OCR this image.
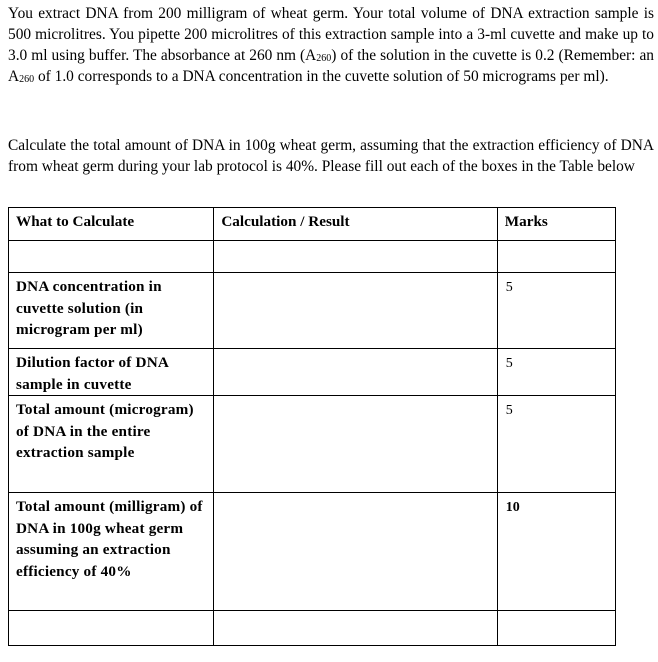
You extract DNA from 200 milligram of wheat germ. Your total volume of DNA extraction sample is 500 microlitres. You pipette 200 microlitres of this extraction sample into a 3-ml cuvette and make up to 3.0 ml using buffer. The absorbance at 260 nm $(A_{260})$ of the solution in the cuvette is 0.2 (Remember: an $A_{260}$ of 1.0 corresponds to a DNA concentration in the cuvette solution of 50 micrograms per ml).

Calculate the total amount of DNA in 100g wheat germ, assuming that the extraction efficiency of DNA from wheat germ during your lab protocol is 40%. Please fill out each of the boxes in the Table below

What to Calculate	Calculation / Result	Marks

DNA concentration in cuvette solution (in microgram per ml)		5

Dilution factor of DNA sample in cuvette		5

Total amount (microgram) of DNA in the entire extraction sample		5

Total amount (milligram) of DNA in 100g wheat germ assuming an extraction efficiency of 40%		10
